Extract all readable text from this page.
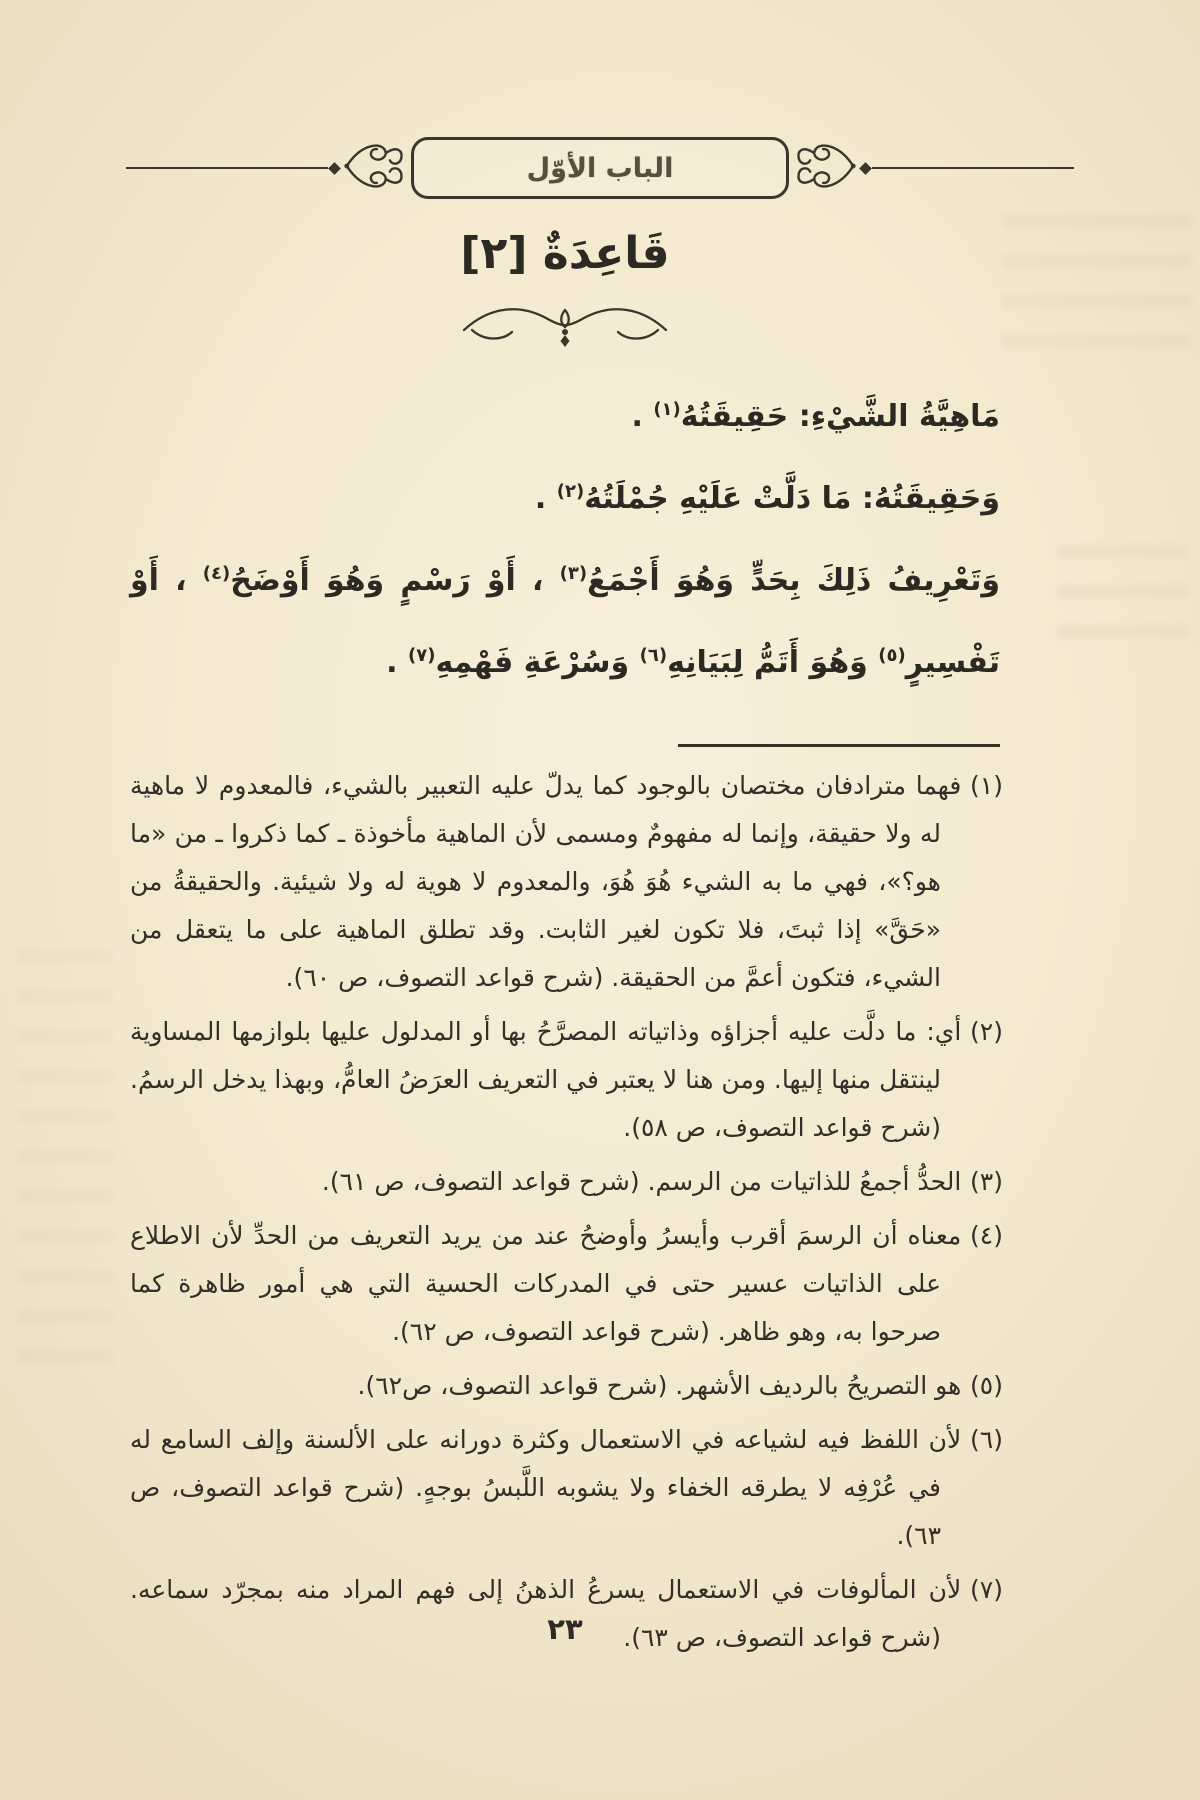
الباب الأوّل
قَاعِدَةٌ [٢]
مَاهِيَّةُ الشَّيْءِ: حَقِيقَتُهُ$^{(١)}$ .
وَحَقِيقَتُهُ: مَا دَلَّتْ عَلَيْهِ جُمْلَتُهُ$^{(٢)}$ .
وَتَعْرِيفُ ذَلِكَ بِحَدٍّ وَهُوَ أَجْمَعُ$^{(٣)}$ ، أَوْ رَسْمٍ وَهُوَ أَوْضَحُ$^{(٤)}$ ، أَوْ
تَفْسِيرٍ$^{(٥)}$ وَهُوَ أَتَمُّ لِبَيَانِهِ$^{(٦)}$ وَسُرْعَةِ فَهْمِهِ$^{(٧)}$ .
(١)فهما مترادفان مختصان بالوجود كما يدلّ عليه التعبير بالشيء، فالمعدوم لا ماهية له ولا حقيقة، وإنما له مفهومٌ ومسمى لأن الماهية مأخوذة ـ كما ذكروا ـ من «ما هو؟»، فهي ما به الشيء هُوَ هُوَ، والمعدوم لا هوية له ولا شيئية. والحقيقةُ من «حَقَّ» إذا ثبتَ، فلا تكون لغير الثابت. وقد تطلق الماهية على ما يتعقل من الشيء، فتكون أعمَّ من الحقيقة. (شرح قواعد التصوف، ص ٦٠).
(٢)أي: ما دلَّت عليه أجزاؤه وذاتياته المصرَّحُ بها أو المدلول عليها بلوازمها المساوية لينتقل منها إليها. ومن هنا لا يعتبر في التعريف العرَضُ العامُّ، وبهذا يدخل الرسمُ. (شرح قواعد التصوف، ص ٥٨).
(٣)الحدُّ أجمعُ للذاتيات من الرسم. (شرح قواعد التصوف، ص ٦١).
(٤)معناه أن الرسمَ أقرب وأيسرُ وأوضحُ عند من يريد التعريف من الحدِّ لأن الاطلاع على الذاتيات عسير حتى في المدركات الحسية التي هي أمور ظاهرة كما صرحوا به، وهو ظاهر. (شرح قواعد التصوف، ص ٦٢).
(٥)هو التصريحُ بالرديف الأشهر. (شرح قواعد التصوف، ص٦٢).
(٦)لأن اللفظ فيه لشياعه في الاستعمال وكثرة دورانه على الألسنة وإلف السامع له في عُرْفِه لا يطرقه الخفاء ولا يشوبه اللَّبسُ بوجهٍ. (شرح قواعد التصوف، ص ٦٣).
(٧)لأن المألوفات في الاستعمال يسرعُ الذهنُ إلى فهم المراد منه بمجرّد سماعه. (شرح قواعد التصوف، ص ٦٣).
٢٣
